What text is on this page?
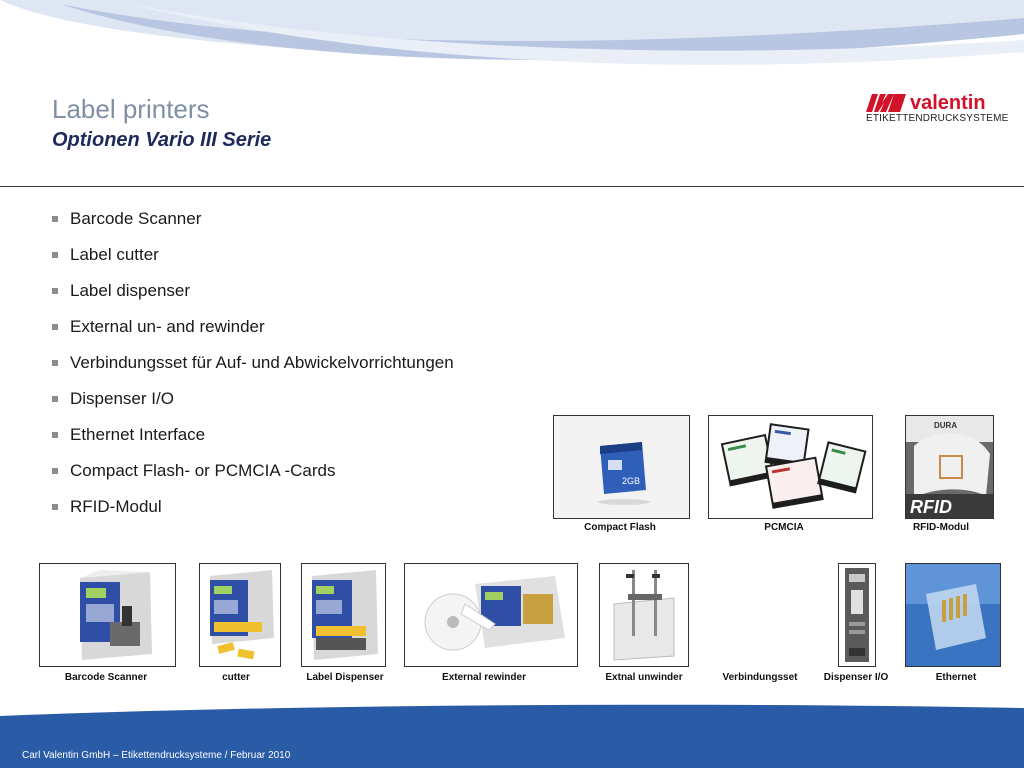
Label printers
Optionen Vario III Serie
valentin
ETIKETTENDRUCKSYSTEME
Barcode Scanner
Label cutter
Label dispenser
External un- and rewinder
Verbindungsset für Auf- und Abwickelvorrichtungen
Dispenser I/O
Ethernet Interface
Compact Flash- or PCMCIA -Cards
RFID-Modul
2GB
DURA
RFID
Compact Flash	PCMCIA	RFID-Modul
Barcode Scanner	cutter	Label Dispenser	External rewinder	Extnal unwinder	Verbindungsset	Dispenser I/O	Ethernet
Carl Valentin GmbH – Etikettendrucksysteme / Februar 2010
